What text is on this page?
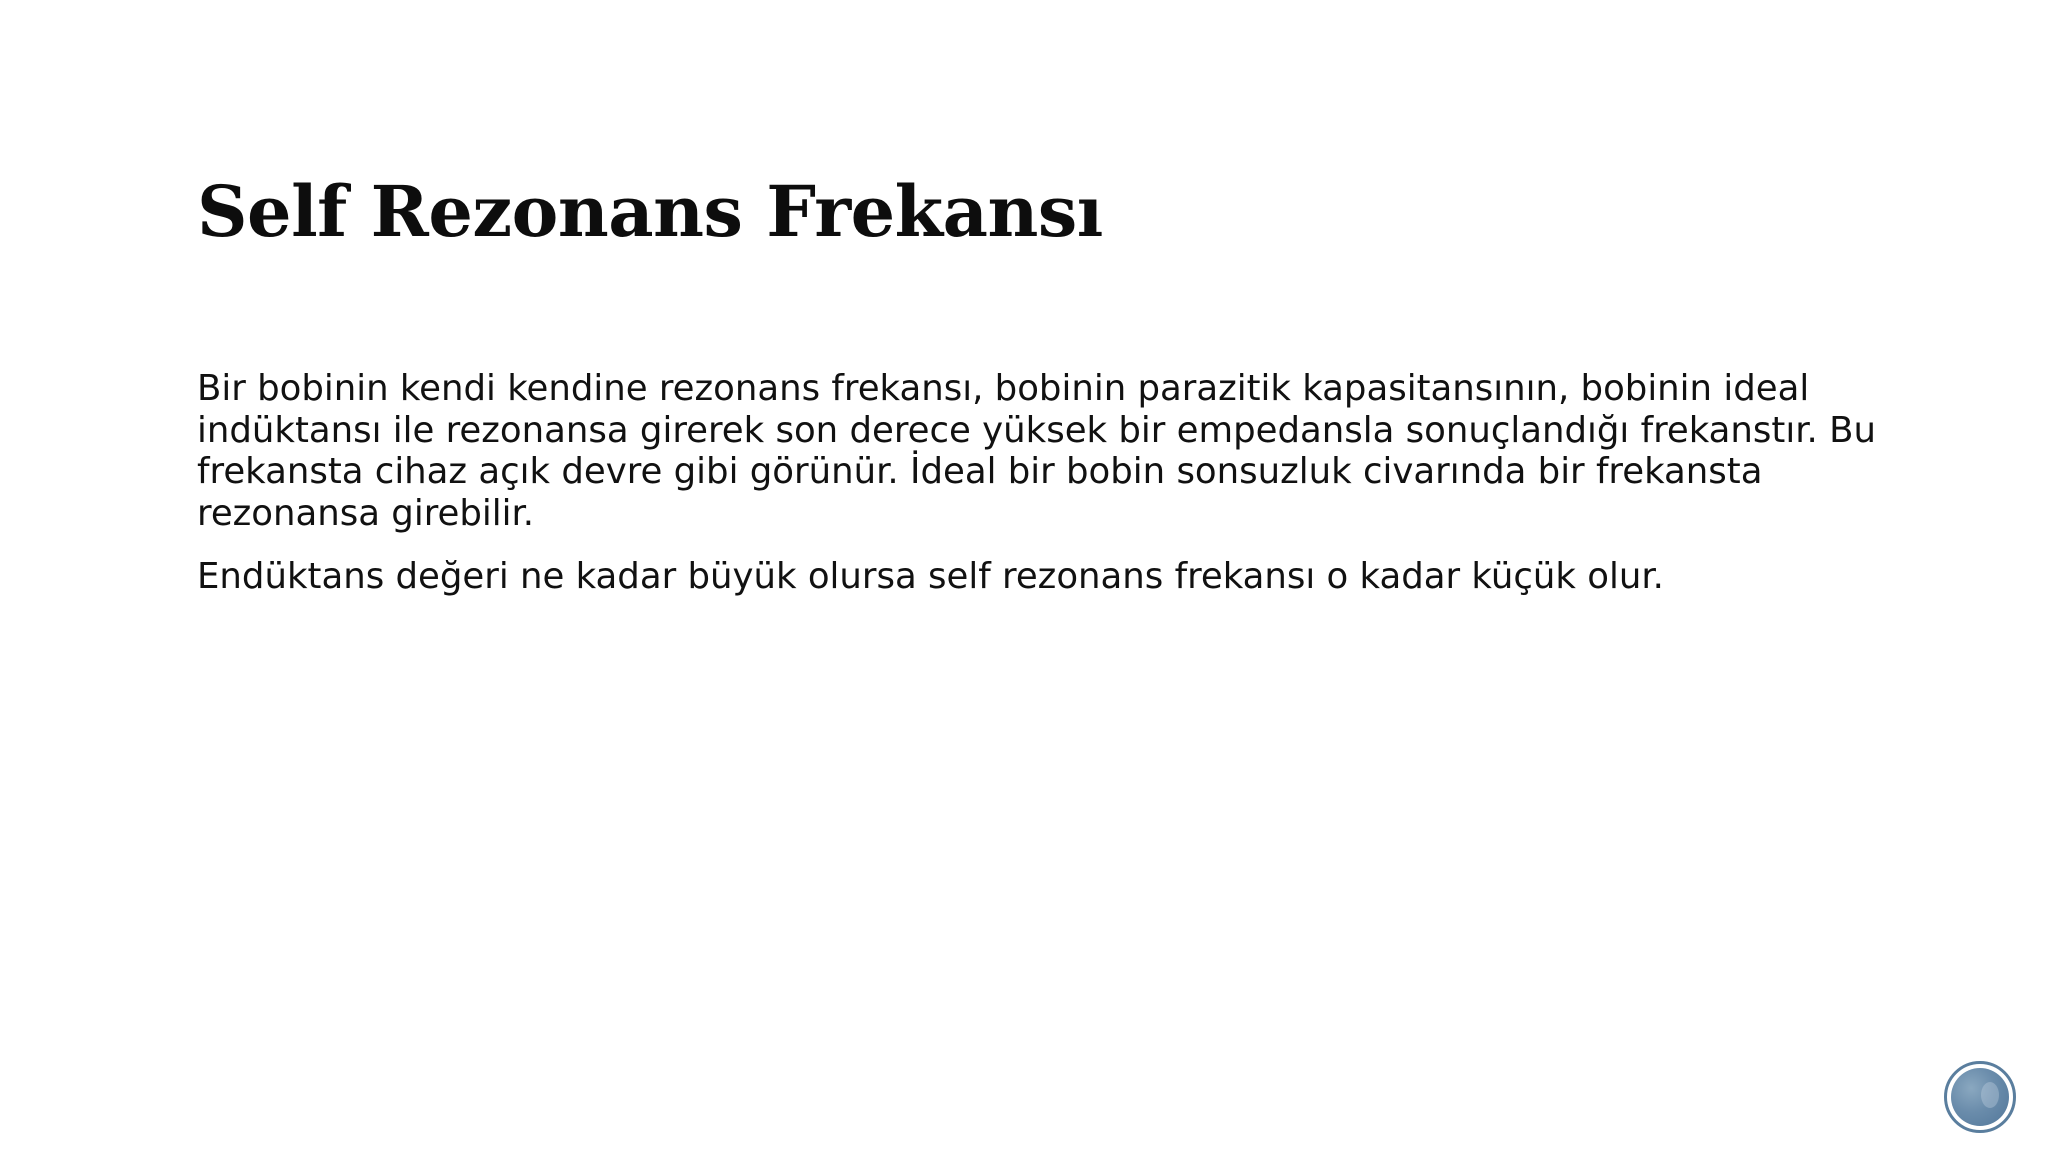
Self Rezonans Frekansı

Bir bobinin kendi kendine rezonans frekansı, bobinin parazitik kapasitansının, bobinin ideal
indüktansı ile rezonansa girerek son derece yüksek bir empedansla sonuçlandığı frekanstır. Bu
frekansta cihaz açık devre gibi görünür. İdeal bir bobin sonsuzluk civarında bir frekansta
rezonansa girebilir.

Endüktans değeri ne kadar büyük olursa self rezonans frekansı o kadar küçük olur.
